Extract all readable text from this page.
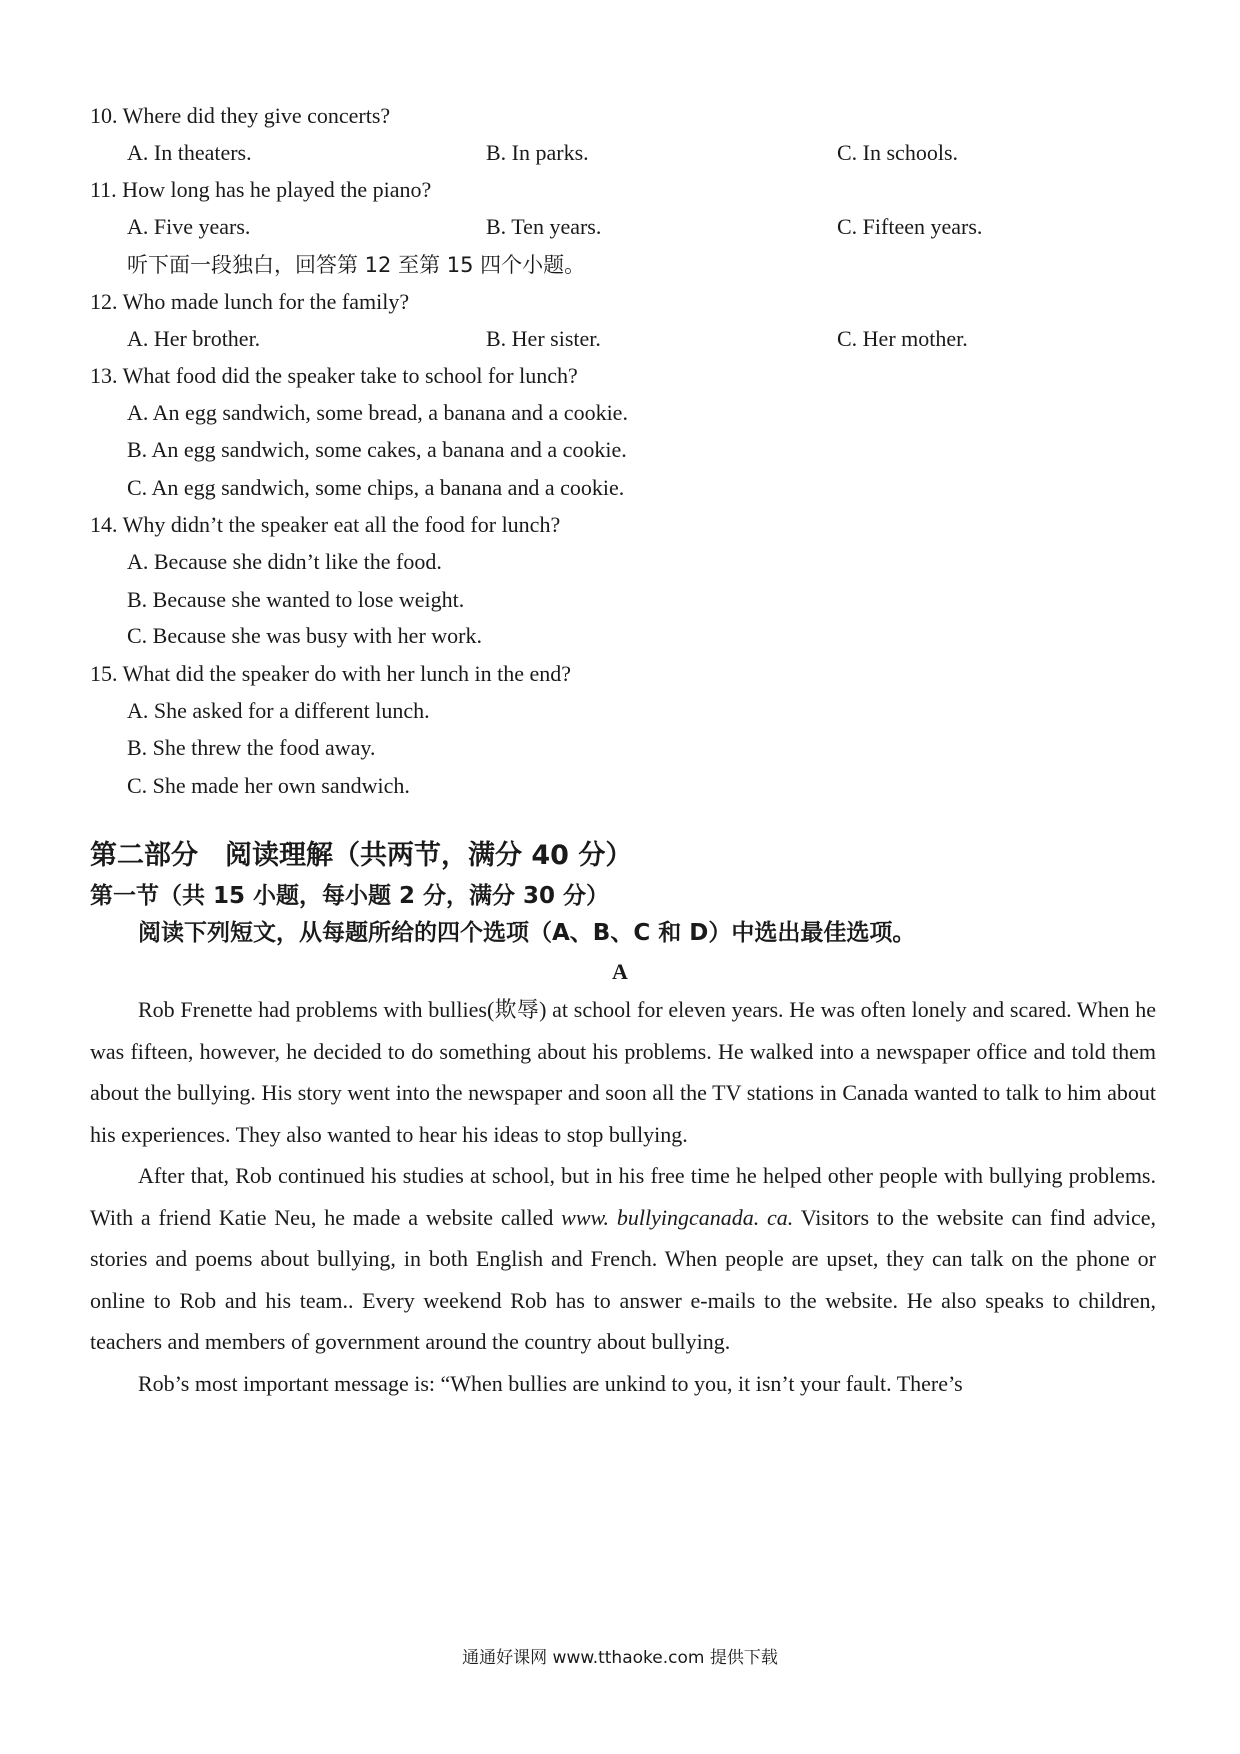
10. Where did they give concerts?
A. In theaters.	B. In parks.	C. In schools.
11. How long has he played the piano?
A. Five years.	B. Ten years.	C. Fifteen years.
听下面一段独白，回答第 12 至第 15 四个小题。
12. Who made lunch for the family?
A. Her brother.	B. Her sister.	C. Her mother.
13. What food did the speaker take to school for lunch?
A. An egg sandwich, some bread, a banana and a cookie.
B. An egg sandwich, some cakes, a banana and a cookie.
C. An egg sandwich, some chips, a banana and a cookie.
14. Why didn’t the speaker eat all the food for lunch?
A. Because she didn’t like the food.
B. Because she wanted to lose weight.
C. Because she was busy with her work.
15. What did the speaker do with her lunch in the end?
A. She asked for a different lunch.
B. She threw the food away.
C. She made her own sandwich.
第二部分　阅读理解（共两节，满分 40 分）
第一节（共 15 小题，每小题 2 分，满分 30 分）
阅读下列短文，从每题所给的四个选项（A、B、C 和 D）中选出最佳选项。
A

Rob Frenette had problems with bullies(欺辱) at school for eleven years. He was often lonely and scared. When he was fifteen, however, he decided to do something about his problems. He walked into a newspaper office and told them about the bullying. His story went into the newspaper and soon all the TV stations in Canada wanted to talk to him about his experiences. They also wanted to hear his ideas to stop bullying.

After that, Rob continued his studies at school, but in his free time he helped other people with bullying problems. With a friend Katie Neu, he made a website called www. bullyingcanada. ca. Visitors to the website can find advice, stories and poems about bullying, in both English and French. When people are upset, they can talk on the phone or online to Rob and his team.. Every weekend Rob has to answer e-mails to the website. He also speaks to children, teachers and members of government around the country about bullying.

Rob’s most important message is: “When bullies are unkind to you, it isn’t your fault. There’s

通通好课网 www.tthaoke.com 提供下载
